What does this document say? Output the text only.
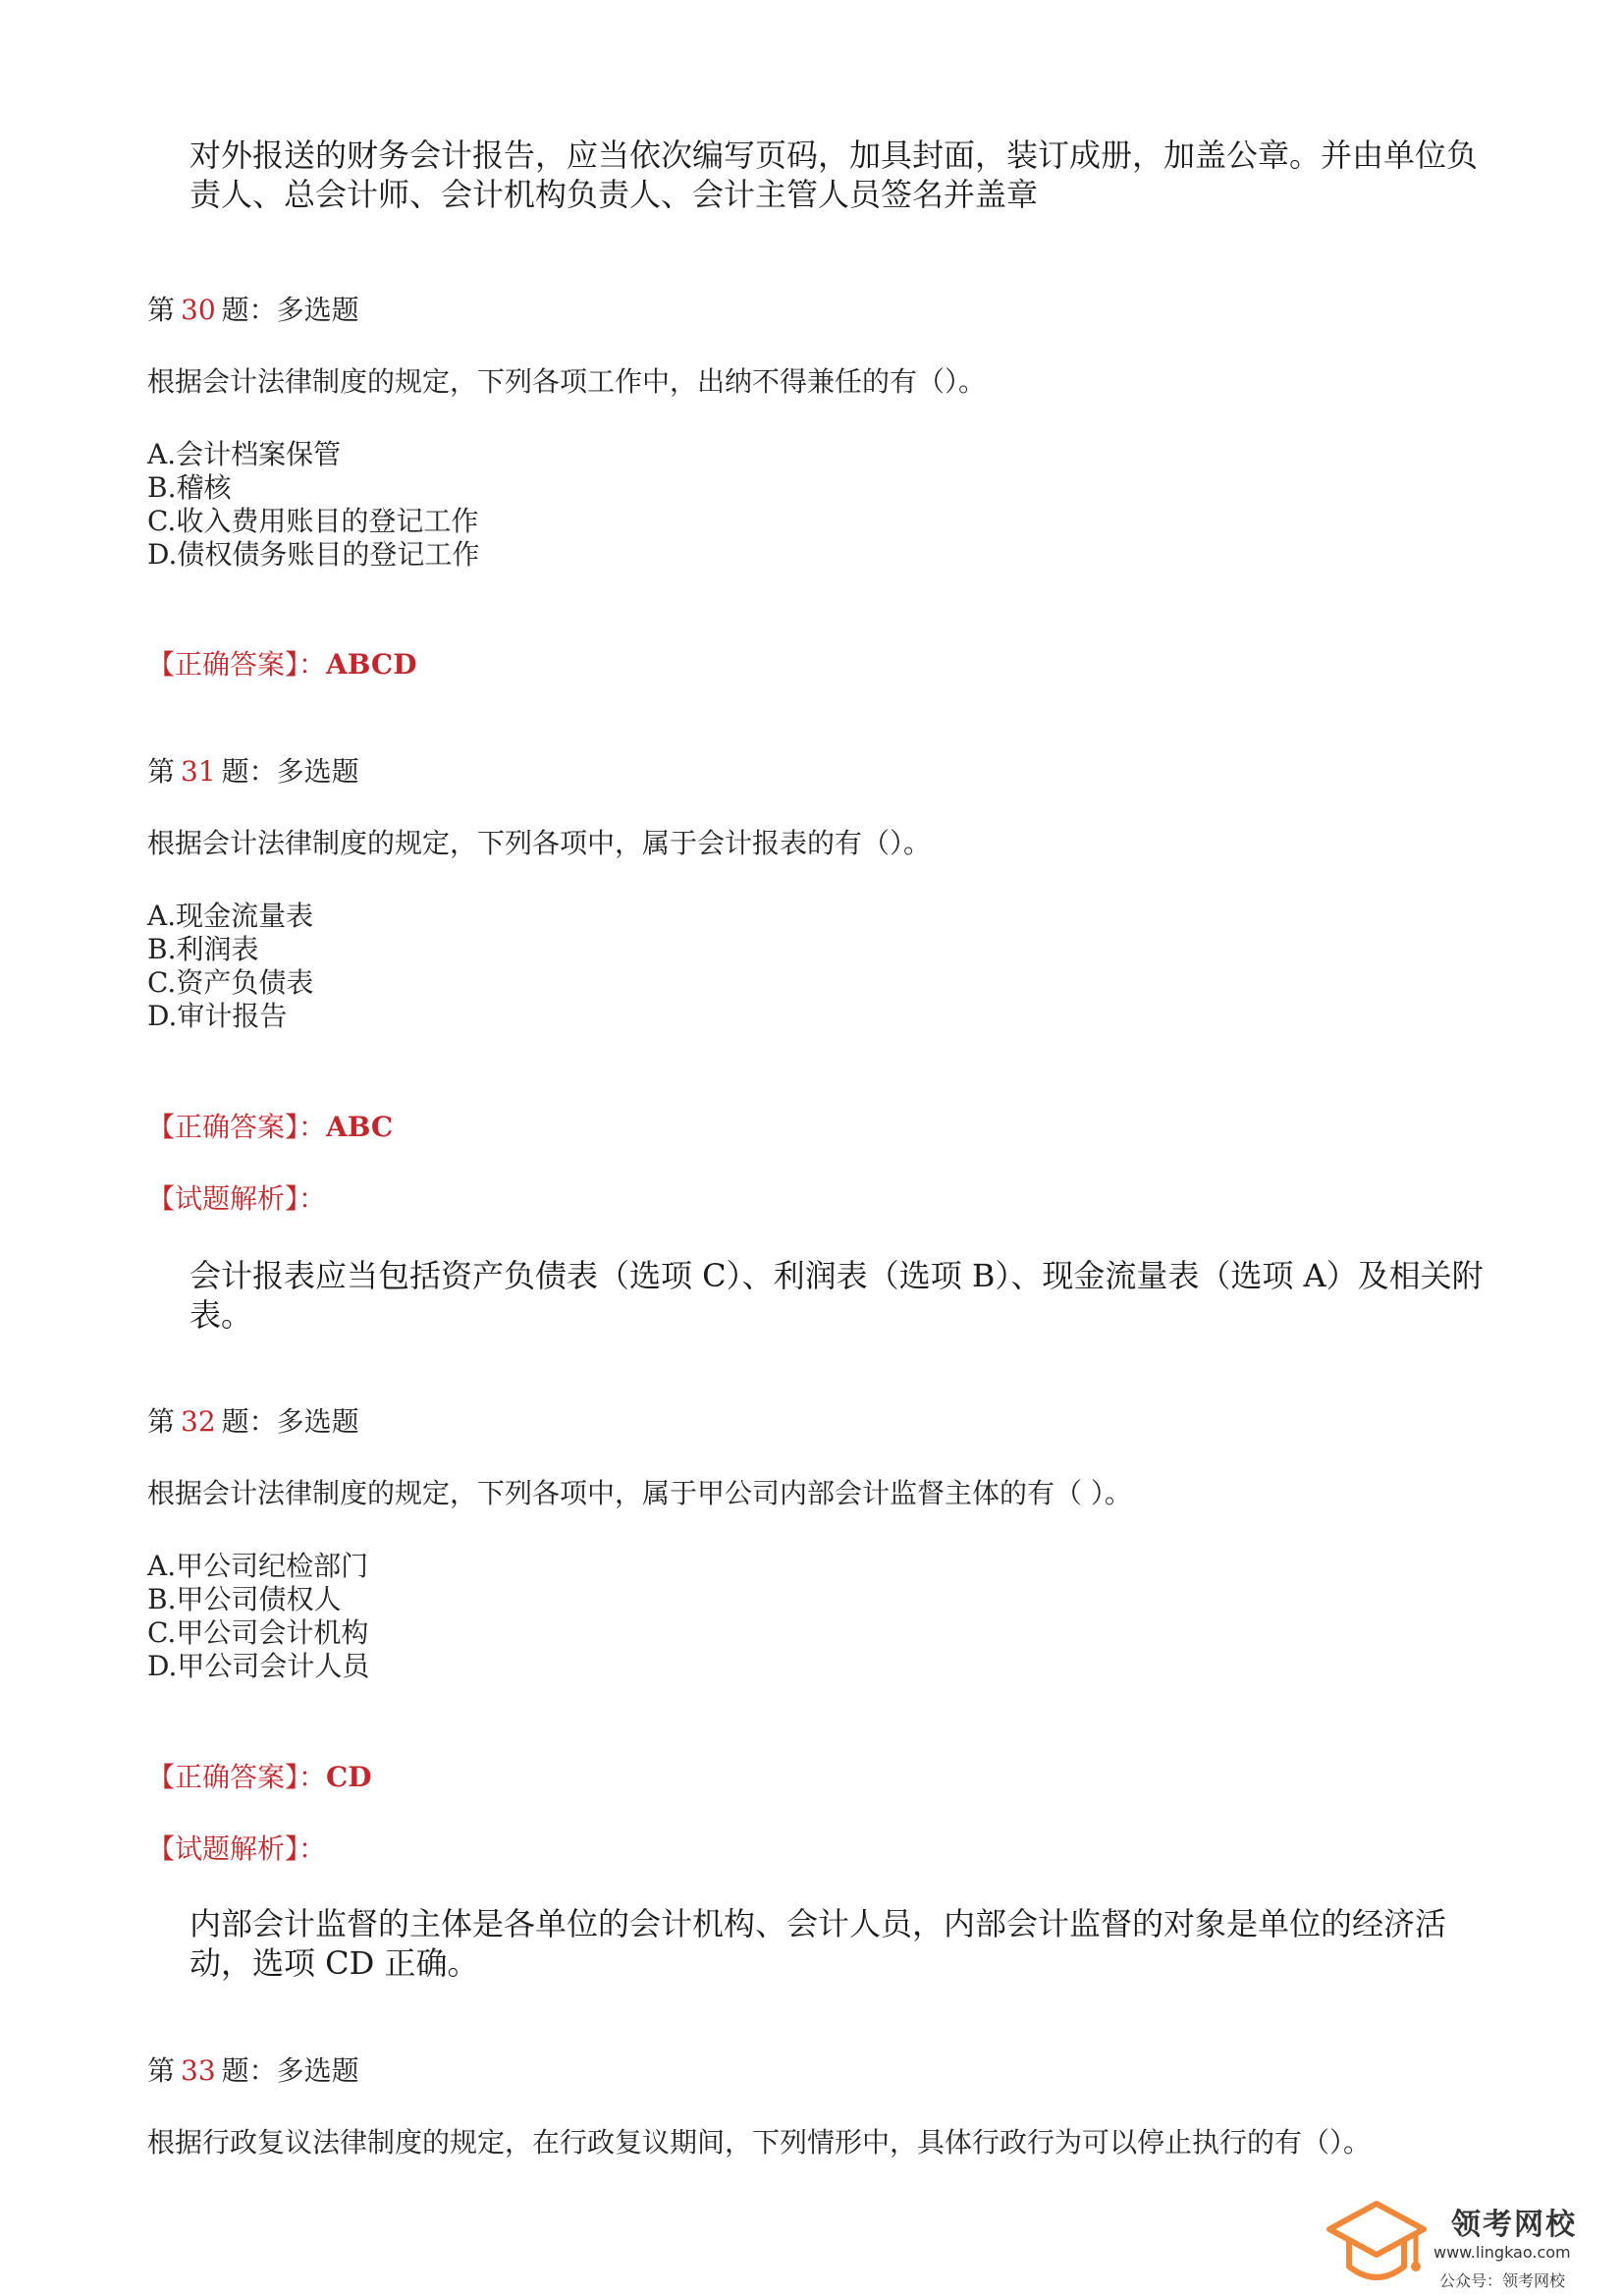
对外报送的财务会计报告，应当依次编写页码，加具封面，装订成册，加盖公章。并由单位负责人、总会计师、会计机构负责人、会计主管人员签名并盖章
第 30 题：多选题
根据会计法律制度的规定，下列各项工作中，出纳不得兼任的有（）。
A.会计档案保管
B.稽核
C.收入费用账目的登记工作
D.债权债务账目的登记工作
【正确答案】：ABCD
第 31 题：多选题
根据会计法律制度的规定，下列各项中，属于会计报表的有（）。
A.现金流量表
B.利润表
C.资产负债表
D.审计报告
【正确答案】：ABC
【试题解析】：
会计报表应当包括资产负债表（选项 C）、利润表（选项 B）、现金流量表（选项 A）及相关附表。
第 32 题：多选题
根据会计法律制度的规定，下列各项中，属于甲公司内部会计监督主体的有（ ）。
A.甲公司纪检部门
B.甲公司债权人
C.甲公司会计机构
D.甲公司会计人员
【正确答案】：CD
【试题解析】：
内部会计监督的主体是各单位的会计机构、会计人员，内部会计监督的对象是单位的经济活动，选项 CD 正确。
第 33 题：多选题
根据行政复议法律制度的规定，在行政复议期间，下列情形中，具体行政行为可以停止执行的有（）。
领考网校
www.lingkao.com
公众号：领考网校
